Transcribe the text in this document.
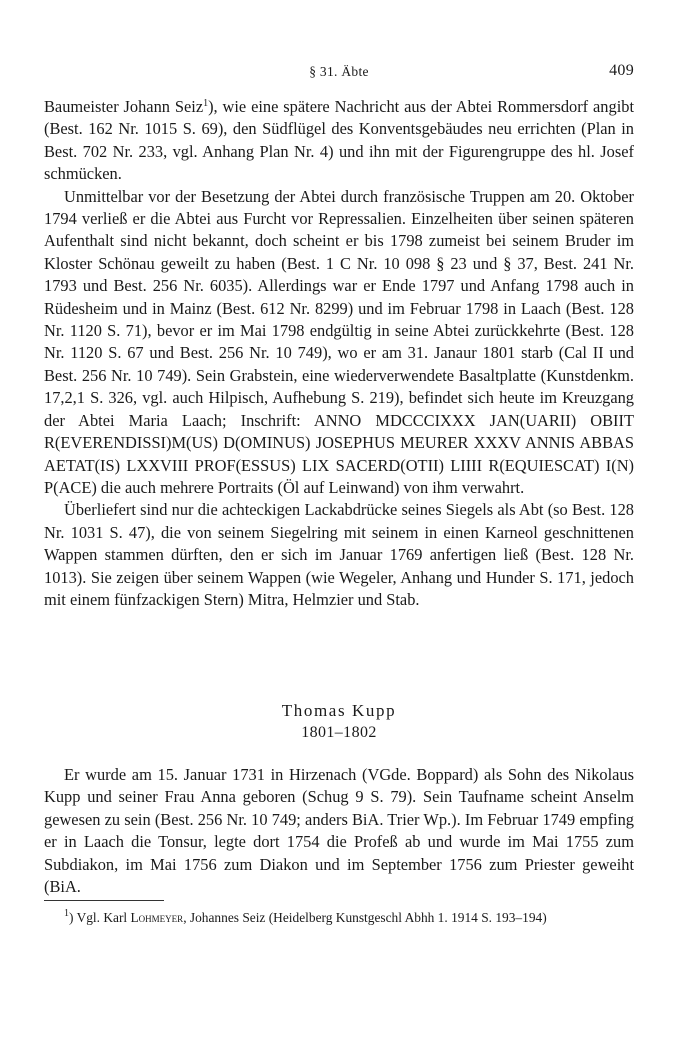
§ 31. Äbte	409

Baumeister Johann Seiz$^1$), wie eine spätere Nachricht aus der Abtei Rommersdorf angibt (Best. 162 Nr. 1015 S. 69), den Südflügel des Konventsgebäudes neu errichten (Plan in Best. 702 Nr. 233, vgl. Anhang Plan Nr. 4) und ihn mit der Figurengruppe des hl. Josef schmücken.

Unmittelbar vor der Besetzung der Abtei durch französische Truppen am 20. Oktober 1794 verließ er die Abtei aus Furcht vor Repressalien. Einzelheiten über seinen späteren Aufenthalt sind nicht bekannt, doch scheint er bis 1798 zumeist bei seinem Bruder im Kloster Schönau geweilt zu haben (Best. 1 C Nr. 10 098 § 23 und § 37, Best. 241 Nr. 1793 und Best. 256 Nr. 6035). Allerdings war er Ende 1797 und Anfang 1798 auch in Rüdesheim und in Mainz (Best. 612 Nr. 8299) und im Februar 1798 in Laach (Best. 128 Nr. 1120 S. 71), bevor er im Mai 1798 endgültig in seine Abtei zurückkehrte (Best. 128 Nr. 1120 S. 67 und Best. 256 Nr. 10 749), wo er am 31. Janaur 1801 starb (Cal II und Best. 256 Nr. 10 749). Sein Grabstein, eine wiederverwendete Basaltplatte (Kunstdenkm. 17,2,1 S. 326, vgl. auch Hilpisch, Aufhebung S. 219), befindet sich heute im Kreuzgang der Abtei Maria Laach; Inschrift: ANNO MDCCCIXXX JAN(UARII) OBIIT R(EVERENDISSI)M(US) D(OMINUS) JOSEPHUS MEURER XXXV ANNIS ABBAS AETAT(IS) LXXVIII PROF(ESSUS) LIX SACERD(OTII) LIIII R(EQUIESCAT) I(N) P(ACE) die auch mehrere Portraits (Öl auf Leinwand) von ihm verwahrt.

Überliefert sind nur die achteckigen Lackabdrücke seines Siegels als Abt (so Best. 128 Nr. 1031 S. 47), die von seinem Siegelring mit seinem in einen Karneol geschnittenen Wappen stammen dürften, den er sich im Januar 1769 anfertigen ließ (Best. 128 Nr. 1013). Sie zeigen über seinem Wappen (wie Wegeler, Anhang und Hunder S. 171, jedoch mit einem fünfzackigen Stern) Mitra, Helmzier und Stab.

Thomas Kupp
1801–1802

Er wurde am 15. Januar 1731 in Hirzenach (VGde. Boppard) als Sohn des Nikolaus Kupp und seiner Frau Anna geboren (Schug 9 S. 79). Sein Taufname scheint Anselm gewesen zu sein (Best. 256 Nr. 10 749; anders BiA. Trier Wp.). Im Februar 1749 empfing er in Laach die Tonsur, legte dort 1754 die Profeß ab und wurde im Mai 1755 zum Subdiakon, im Mai 1756 zum Diakon und im September 1756 zum Priester geweiht (BiA.

$^1$) Vgl. Karl Lohmeyer, Johannes Seiz (Heidelberg Kunstgeschl Abhh 1. 1914 S. 193–194)
